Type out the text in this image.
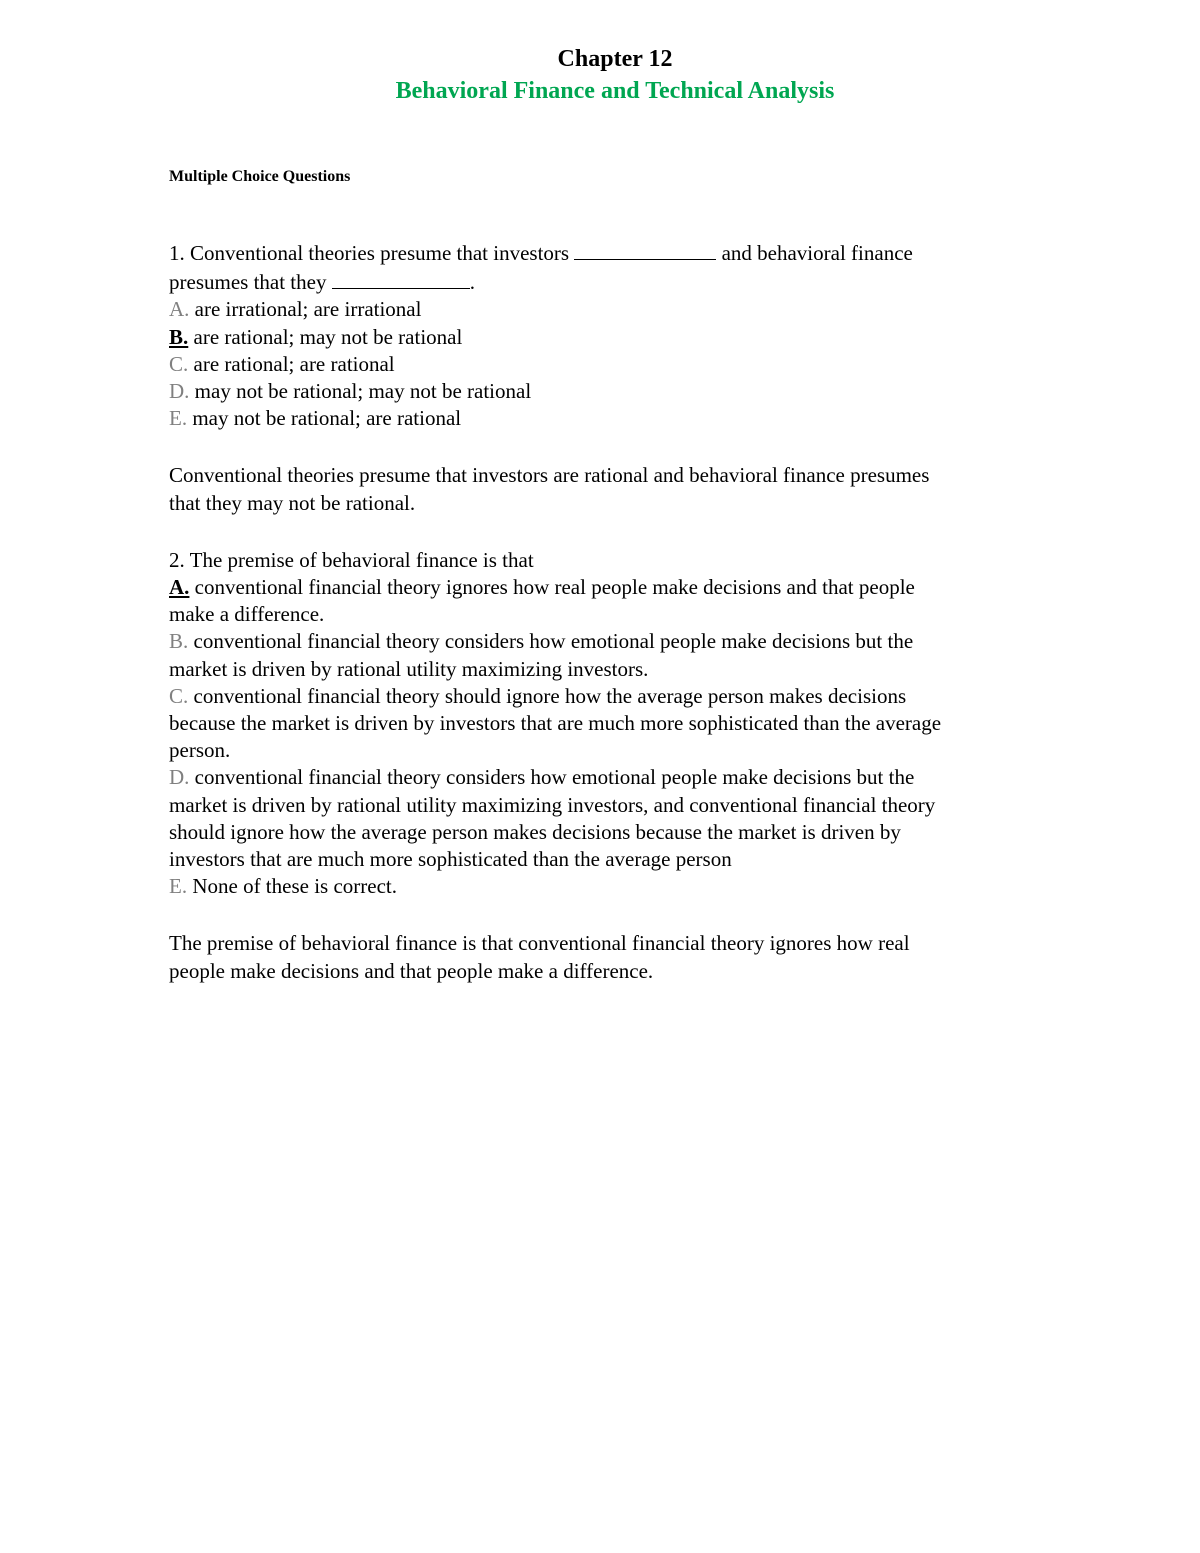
Chapter 12
Behavioral Finance and Technical Analysis
Multiple Choice Questions
1. Conventional theories presume that investors	and behavioral finance
presumes that they	.
A. are irrational; are irrational
B. are rational; may not be rational
C. are rational; are rational
D. may not be rational; may not be rational
E. may not be rational; are rational
Conventional theories presume that investors are rational and behavioral finance presumes
that they may not be rational.
2. The premise of behavioral finance is that
A. conventional financial theory ignores how real people make decisions and that people
make a difference.
B. conventional financial theory considers how emotional people make decisions but the
market is driven by rational utility maximizing investors.
C. conventional financial theory should ignore how the average person makes decisions
because the market is driven by investors that are much more sophisticated than the average
person.
D. conventional financial theory considers how emotional people make decisions but the
market is driven by rational utility maximizing investors, and conventional financial theory
should ignore how the average person makes decisions because the market is driven by
investors that are much more sophisticated than the average person
E. None of these is correct.
The premise of behavioral finance is that conventional financial theory ignores how real
people make decisions and that people make a difference.
